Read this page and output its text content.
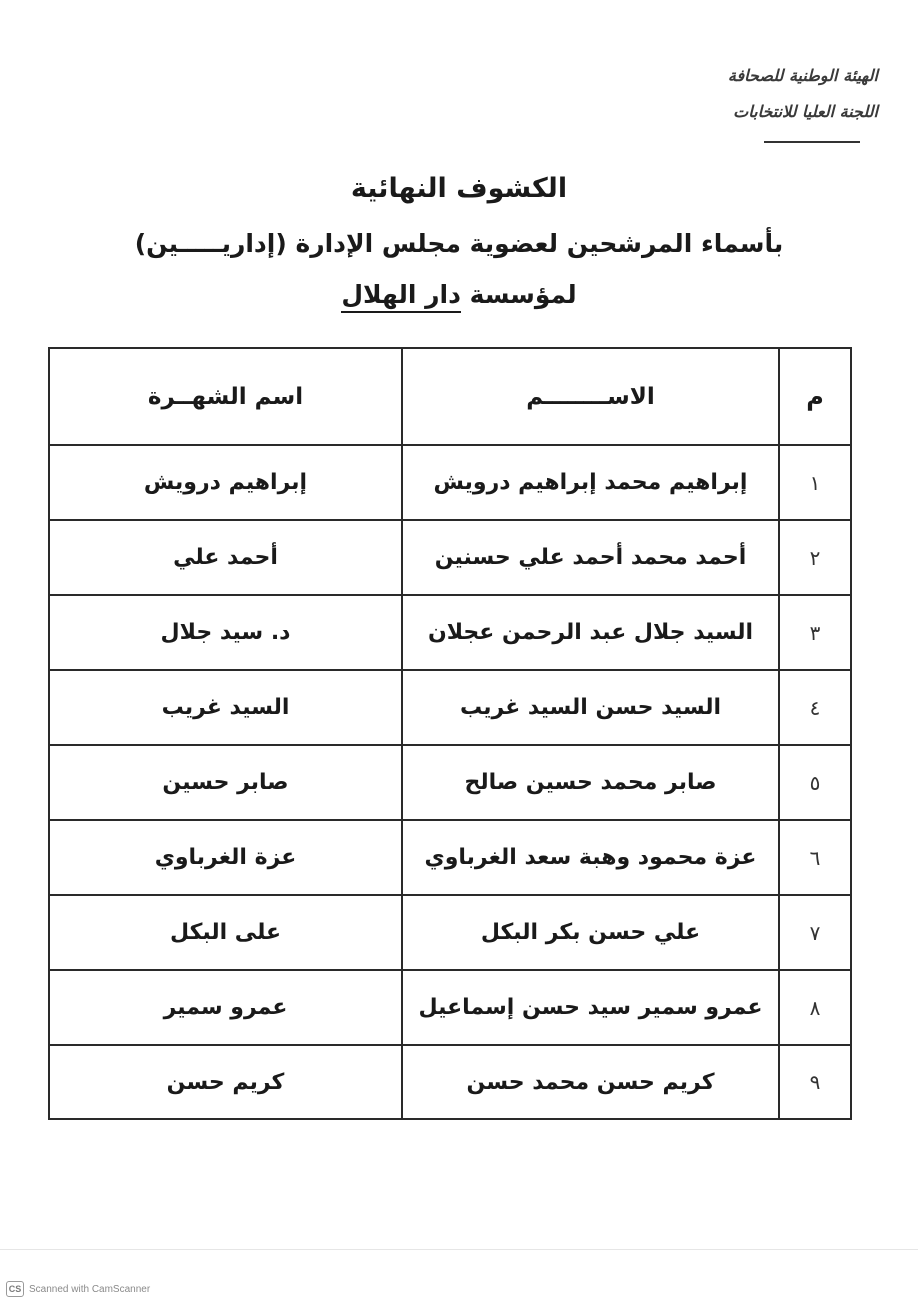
الهيئة الوطنية للصحافة
اللجنة العليا للانتخابات
الكشوف النهائية
بأسماء المرشحين لعضوية مجلس الإدارة (إداريـــــين)
لمؤسسة دار الهلال
اسم الشهــرة	الاســــــــم	م
إبراهيم درويش	إبراهيم محمد إبراهيم درويش	١
أحمد علي	أحمد محمد أحمد علي حسنين	٢
د. سيد جلال	السيد جلال عبد الرحمن عجلان	٣
السيد غريب	السيد حسن السيد غريب	٤
صابر حسين	صابر محمد حسين صالح	٥
عزة الغرباوي	عزة محمود وهبة سعد الغرباوي	٦
على البكل	علي حسن بكر البكل	٧
عمرو سمير	عمرو سمير سيد حسن إسماعيل	٨
كريم حسن	كريم حسن محمد حسن	٩
CS Scanned with CamScanner
